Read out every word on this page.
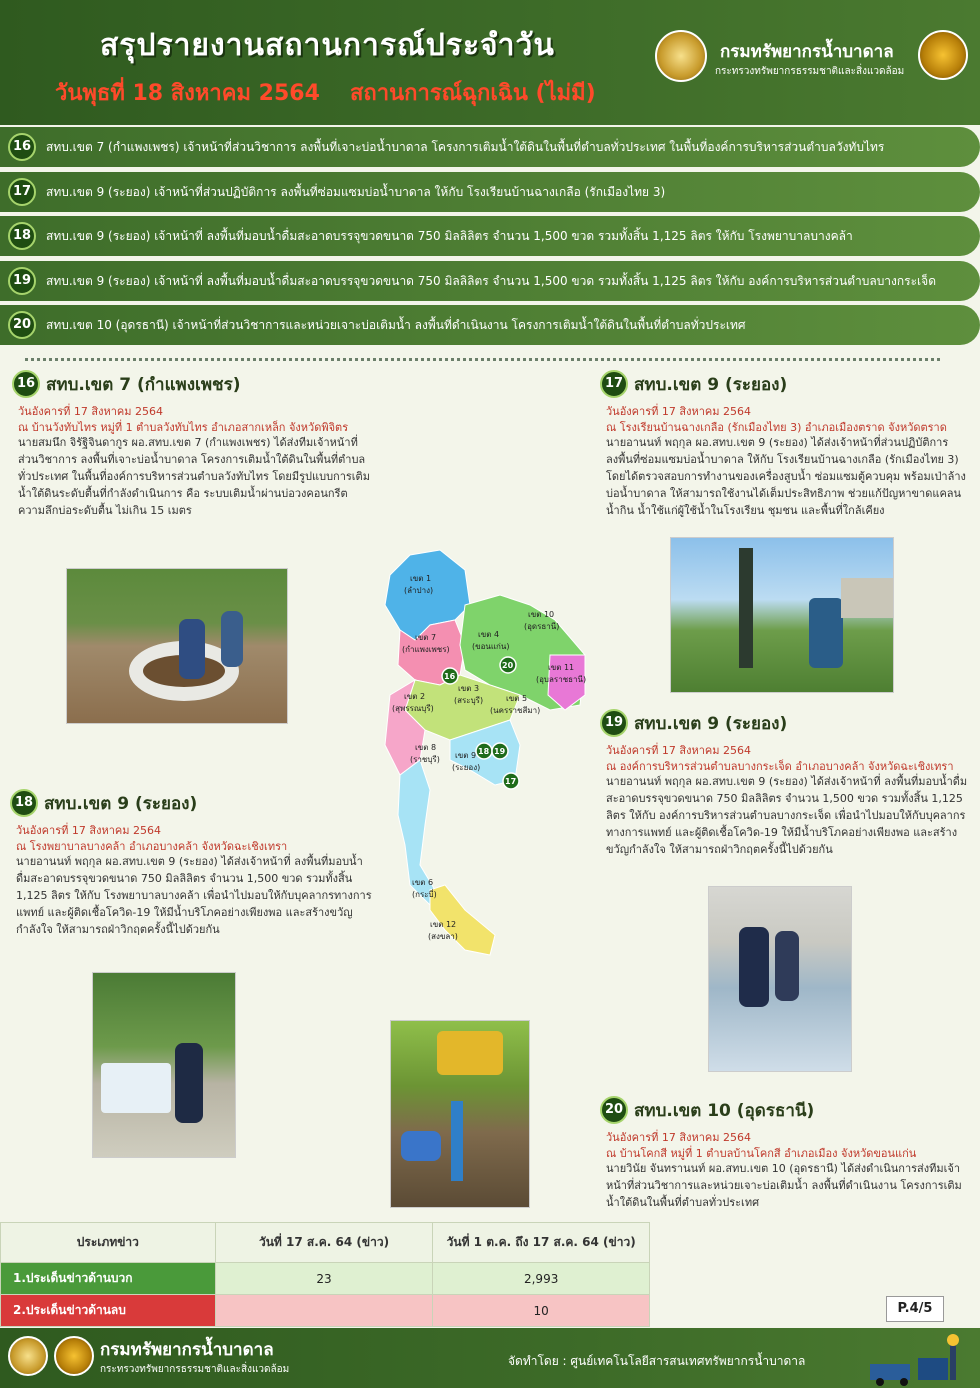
สรุปรายงานสถานการณ์ประจำวัน
วันพุธที่ 18 สิงหาคม 2564 สถานการณ์ฉุกเฉิน (ไม่มี)
กรมทรัพยากรน้ำบาดาล
กระทรวงทรัพยากรธรรมชาติและสิ่งแวดล้อม
16	สทบ.เขต 7 (กำแพงเพชร) เจ้าหน้าที่ส่วนวิชาการ ลงพื้นที่เจาะบ่อน้ำบาดาล โครงการเติมน้ำใต้ดินในพื้นที่ตำบลทั่วประเทศ ในพื้นที่องค์การบริหารส่วนตำบลวังทับไทร
17	สทบ.เขต 9 (ระยอง) เจ้าหน้าที่ส่วนปฏิบัติการ ลงพื้นที่ซ่อมแซมบ่อน้ำบาดาล ให้กับ โรงเรียนบ้านฉางเกลือ (รักเมืองไทย 3)
18	สทบ.เขต 9 (ระยอง) เจ้าหน้าที่ ลงพื้นที่มอบน้ำดื่มสะอาดบรรจุขวดขนาด 750 มิลลิลิตร จำนวน 1,500 ขวด รวมทั้งสิ้น 1,125 ลิตร ให้กับ โรงพยาบาลบางคล้า
19	สทบ.เขต 9 (ระยอง) เจ้าหน้าที่ ลงพื้นที่มอบน้ำดื่มสะอาดบรรจุขวดขนาด 750 มิลลิลิตร จำนวน 1,500 ขวด รวมทั้งสิ้น 1,125 ลิตร ให้กับ องค์การบริหารส่วนตำบลบางกระเจ็ด
20	สทบ.เขต 10 (อุดรธานี) เจ้าหน้าที่ส่วนวิชาการและหน่วยเจาะบ่อเติมน้ำ ลงพื้นที่ดำเนินงาน โครงการเติมน้ำใต้ดินในพื้นที่ตำบลทั่วประเทศ
16 สทบ.เขต 7 (กำแพงเพชร)
วันอังคารที่ 17 สิงหาคม 2564
ณ บ้านวังทับไทร หมู่ที่ 1 ตำบลวังทับไทร อำเภอสากเหล็ก จังหวัดพิจิตร
นายสมนึก จิรัฐิจินดากูร ผอ.สทบ.เขต 7 (กำแพงเพชร) ได้ส่งทีมเจ้าหน้าที่ส่วนวิชาการ ลงพื้นที่เจาะบ่อน้ำบาดาล โครงการเติมน้ำใต้ดินในพื้นที่ตำบลทั่วประเทศ ในพื้นที่องค์การบริหารส่วนตำบลวังทับไทร โดยมีรูปแบบการเติมน้ำใต้ดินระดับตื้นที่กำลังดำเนินการ คือ ระบบเติมน้ำผ่านบ่อวงคอนกรีต ความลึกบ่อระดับตื้น ไม่เกิน 15 เมตร
17 สทบ.เขต 9 (ระยอง)
วันอังคารที่ 17 สิงหาคม 2564
ณ โรงเรียนบ้านฉางเกลือ (รักเมืองไทย 3) อำเภอเมืองตราด จังหวัดตราด
นายอานนท์ พฤกุล ผอ.สทบ.เขต 9 (ระยอง) ได้ส่งเจ้าหน้าที่ส่วนปฏิบัติการ ลงพื้นที่ซ่อมแซมบ่อน้ำบาดาล ให้กับ โรงเรียนบ้านฉางเกลือ (รักเมืองไทย 3) โดยได้ตรวจสอบการทำงานของเครื่องสูบน้ำ ซ่อมแซมตู้ควบคุม พร้อมเป่าล้างบ่อน้ำบาดาล ให้สามารถใช้งานได้เต็มประสิทธิภาพ ช่วยแก้ปัญหาขาดแคลนน้ำกิน น้ำใช้แก่ผู้ใช้น้ำในโรงเรียน ชุมชน และพื้นที่ใกล้เคียง
เขต 1
(ลำปาง)
เขต 7
(กำแพงเพชร)
เขต 4
(ขอนแก่น)
เขต 10
(อุดรธานี)
เขต 11
(อุบลราชธานี)
เขต 2
(สุพรรณบุรี)
เขต 3
(สระบุรี)	เขต 5
(นครราชสีมา)
เขต 8
(ราชบุรี) เขต 9
(ระยอง)
เขต 6
(กระบี่)
เขต 12
(สงขลา)
16
20
18 19
17
19 สทบ.เขต 9 (ระยอง)
วันอังคารที่ 17 สิงหาคม 2564
ณ องค์การบริหารส่วนตำบลบางกระเจ็ด อำเภอบางคล้า จังหวัดฉะเชิงเทรา
นายอานนท์ พฤกุล ผอ.สทบ.เขต 9 (ระยอง) ได้ส่งเจ้าหน้าที่ ลงพื้นที่มอบน้ำดื่มสะอาดบรรจุขวดขนาด 750 มิลลิลิตร จำนวน 1,500 ขวด รวมทั้งสิ้น 1,125 ลิตร ให้กับ องค์การบริหารส่วนตำบลบางกระเจ็ด เพื่อนำไปมอบให้กับบุคลากรทางการแพทย์ และผู้ติดเชื้อโควิด-19 ให้มีน้ำบริโภคอย่างเพียงพอ และสร้างขวัญกำลังใจ ให้สามารถฝ่าวิกฤตครั้งนี้ไปด้วยกัน
18 สทบ.เขต 9 (ระยอง)
วันอังคารที่ 17 สิงหาคม 2564
ณ โรงพยาบาลบางคล้า อำเภอบางคล้า จังหวัดฉะเชิงเทรา
นายอานนท์ พฤกุล ผอ.สทบ.เขต 9 (ระยอง) ได้ส่งเจ้าหน้าที่ ลงพื้นที่มอบน้ำดื่มสะอาดบรรจุขวดขนาด 750 มิลลิลิตร จำนวน 1,500 ขวด รวมทั้งสิ้น 1,125 ลิตร ให้กับ โรงพยาบาลบางคล้า เพื่อนำไปมอบให้กับบุคลากรทางการแพทย์ และผู้ติดเชื้อโควิด-19 ให้มีน้ำบริโภคอย่างเพียงพอ และสร้างขวัญกำลังใจ ให้สามารถฝ่าวิกฤตครั้งนี้ไปด้วยกัน
20 สทบ.เขต 10 (อุดรธานี)
วันอังคารที่ 17 สิงหาคม 2564
ณ บ้านโคกสี หมู่ที่ 1 ตำบลบ้านโคกสี อำเภอเมือง จังหวัดขอนแก่น
นายวินัย จันทรานนท์ ผอ.สทบ.เขต 10 (อุดรธานี) ได้ส่งดำเนินการส่งทีมเจ้าหน้าที่ส่วนวิชาการและหน่วยเจาะบ่อเติมน้ำ ลงพื้นที่ดำเนินงาน โครงการเติมน้ำใต้ดินในพื้นที่ตำบลทั่วประเทศ
ประเภทข่าว	วันที่ 17 ส.ค. 64 (ข่าว)	วันที่ 1 ต.ค. ถึง 17 ส.ค. 64 (ข่าว)
1.ประเด็นข่าวด้านบวก	23	2,993
2.ประเด็นข่าวด้านลบ		10	P.4/5
กรมทรัพยากรน้ำบาดาล
กระทรวงทรัพยากรธรรมชาติและสิ่งแวดล้อม
จัดทำโดย : ศูนย์เทคโนโลยีสารสนเทศทรัพยากรน้ำบาดาล
